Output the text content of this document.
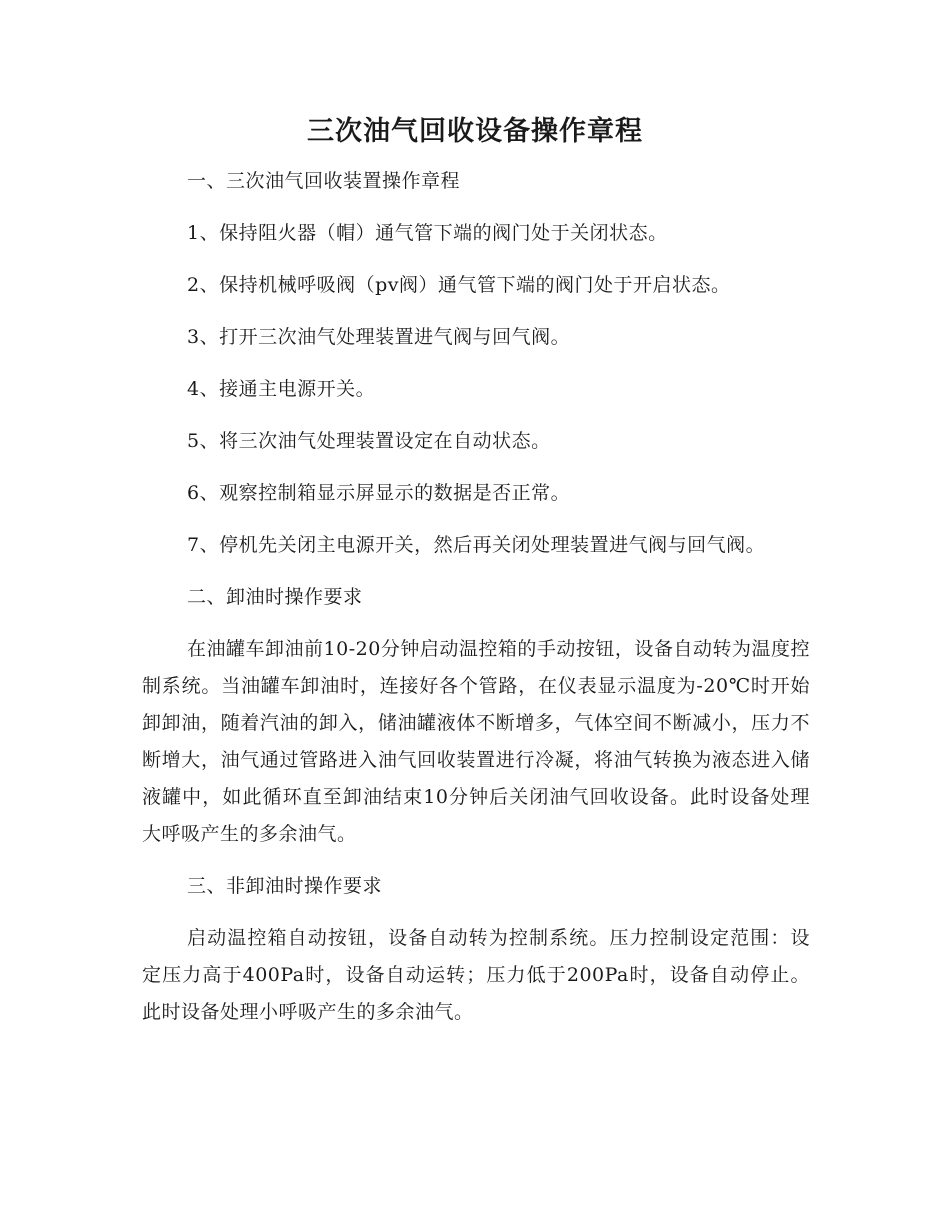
三次油气回收设备操作章程

一、三次油气回收装置操作章程

1、保持阻火器（帽）通气管下端的阀门处于关闭状态。

2、保持机械呼吸阀（pv阀）通气管下端的阀门处于开启状态。

3、打开三次油气处理装置进气阀与回气阀。

4、接通主电源开关。

5、将三次油气处理装置设定在自动状态。

6、观察控制箱显示屏显示的数据是否正常。

7、停机先关闭主电源开关，然后再关闭处理装置进气阀与回气阀。

二、卸油时操作要求

在油罐车卸油前10-20分钟启动温控箱的手动按钮，设备自动转为温度控制系统。当油罐车卸油时，连接好各个管路，在仪表显示温度为-20℃时开始卸卸油，随着汽油的卸入，储油罐液体不断增多，气体空间不断减小，压力不断增大，油气通过管路进入油气回收装置进行冷凝，将油气转换为液态进入储液罐中，如此循环直至卸油结束10分钟后关闭油气回收设备。此时设备处理大呼吸产生的多余油气。

三、非卸油时操作要求

启动温控箱自动按钮，设备自动转为控制系统。压力控制设定范围：设定压力高于400Pa时，设备自动运转；压力低于200Pa时，设备自动停止。此时设备处理小呼吸产生的多余油气。
